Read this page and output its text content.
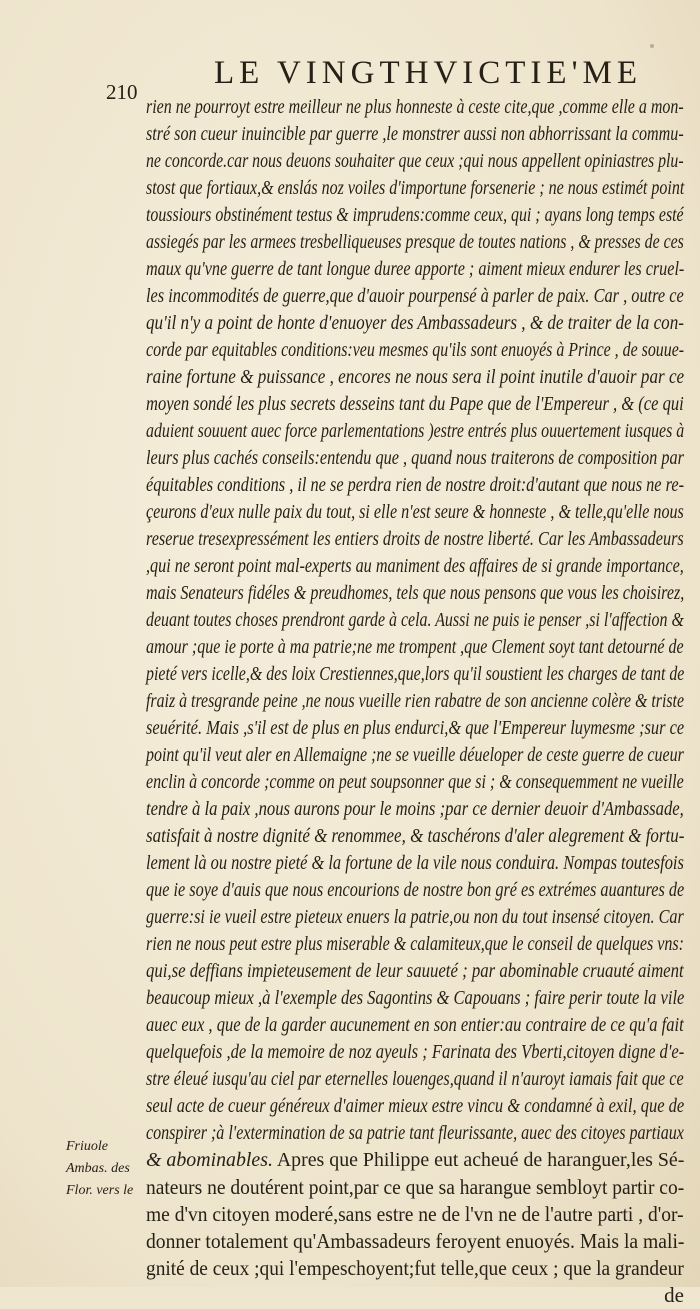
210
LE VINGTHVICTIE'ME
rien ne pourroyt estre meilleur ne plus honneste à ceste cite,que ,comme elle a mon-
stré son cueur inuincible par guerre ,le monstrer aussi non abhorrissant la commu-
ne concorde.car nous deuons souhaiter que ceux ;qui nous appellent opiniastres plu-
stost que fortiaux,& enslás noz voiles d'importune forsenerie ; ne nous estimét point
toussiours obstinément testus & imprudens:comme ceux, qui ; ayans long temps esté
assiegés par les armees tresbelliqueuses presque de toutes nations , & presses de ces
maux qu'vne guerre de tant longue duree apporte ; aiment mieux endurer les cruel-
les incommodités de guerre,que d'auoir pourpensé à parler de paix. Car , outre ce
qu'il n'y a point de honte d'enuoyer des Ambassadeurs , & de traiter de la con-
corde par equitables conditions:veu mesmes qu'ils sont enuoyés à Prince , de souue-
raine fortune & puissance , encores ne nous sera il point inutile d'auoir par ce
moyen sondé les plus secrets desseins tant du Pape que de l'Empereur , & (ce qui
aduient souuent auec force parlementations )estre entrés plus ouuertement iusques à
leurs plus cachés conseils:entendu que , quand nous traiterons de composition par
équitables conditions , il ne se perdra rien de nostre droit:d'autant que nous ne re-
çeurons d'eux nulle paix du tout, si elle n'est seure & honneste , & telle,qu'elle nous
reserue tresexpressément les entiers droits de nostre liberté. Car les Ambassadeurs
,qui ne seront point mal-experts au maniment des affaires de si grande importance,
mais Senateurs fidéles & preudhomes, tels que nous pensons que vous les choisirez,
deuant toutes choses prendront garde à cela. Aussi ne puis ie penser ,si l'affection &
amour ;que ie porte à ma patrie;ne me trompent ,que Clement soyt tant detourné de
pieté vers icelle,& des loix Crestiennes,que,lors qu'il soustient les charges de tant de
fraiz à tresgrande peine ,ne nous vueille rien rabatre de son ancienne colère & triste
seuérité. Mais ,s'il est de plus en plus endurci,& que l'Empereur luymesme ;sur ce
point qu'il veut aler en Allemaigne ;ne se vueille déueloper de ceste guerre de cueur
enclin à concorde ;comme on peut soupsonner que si ; & consequemment ne vueille
tendre à la paix ,nous aurons pour le moins ;par ce dernier deuoir d'Ambassade,
satisfait à nostre dignité & renommee, & taschérons d'aler alegrement & fortu-
lement là ou nostre pieté & la fortune de la vile nous conduira. Nompas toutesfois
que ie soye d'auis que nous encourions de nostre bon gré es extrémes auantures de
guerre:si ie vueil estre pieteux enuers la patrie,ou non du tout insensé citoyen. Car
rien ne nous peut estre plus miserable & calamiteux,que le conseil de quelques vns:
qui,se deffians impieteusement de leur sauueté ; par abominable cruauté aiment
beaucoup mieux ,à l'exemple des Sagontins & Capouans ; faire perir toute la vile
auec eux , que de la garder aucunement en son entier:au contraire de ce qu'a fait
quelquefois ,de la memoire de noz ayeuls ; Farinata des Vberti,citoyen digne d'e-
stre éleué iusqu'au ciel par eternelles louenges,quand il n'auroyt iamais fait que ce
seul acte de cueur généreux d'aimer mieux estre vincu & condamné à exil, que de
conspirer ;à l'extermination de sa patrie tant fleurissante, auec des citoyes partiaux
& abominables. Apres que Philippe eut acheué de haranguer,les Sé-
nateurs ne doutérent point,par ce que sa harangue sembloyt partir co-
me d'vn citoyen moderé,sans estre ne de l'vn ne de l'autre parti , d'or-
donner totalement qu'Ambassadeurs feroyent enuoyés. Mais la mali-
gnité de ceux ;qui l'empeschoyent;fut telle,que ceux ; que la grandeur
de
Friuole
Ambas. des
Flor. vers le
